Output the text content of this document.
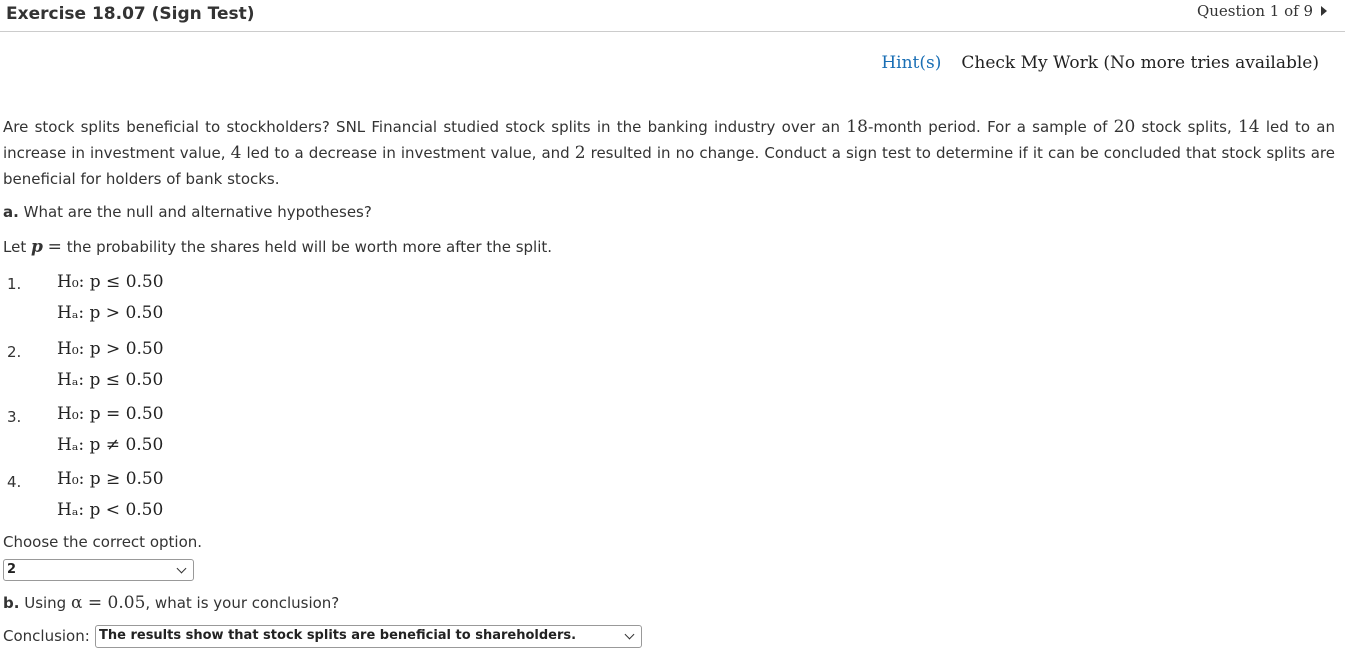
Exercise 18.07 (Sign Test)	Question 1 of 9
Hint(s) Check My Work (No more tries available)
Are stock splits beneficial to stockholders? SNL Financial studied stock splits in the banking industry over an 18-month period. For a sample of 20 stock splits, 14 led to an increase in investment value, 4 led to a decrease in investment value, and 2 resulted in no change. Conduct a sign test to determine if it can be concluded that stock splits are beneficial for holders of bank stocks.
a. What are the null and alternative hypotheses?
Let p = the probability the shares held will be worth more after the split.
1. H₀: p ≤ 0.50
Hₐ: p > 0.50
2. H₀: p > 0.50
Hₐ: p ≤ 0.50
3. H₀: p = 0.50
Hₐ: p ≠ 0.50
4. H₀: p ≥ 0.50
Hₐ: p < 0.50
Choose the correct option.
2
b. Using α = 0.05, what is your conclusion?
Conclusion: The results show that stock splits are beneficial to shareholders.
